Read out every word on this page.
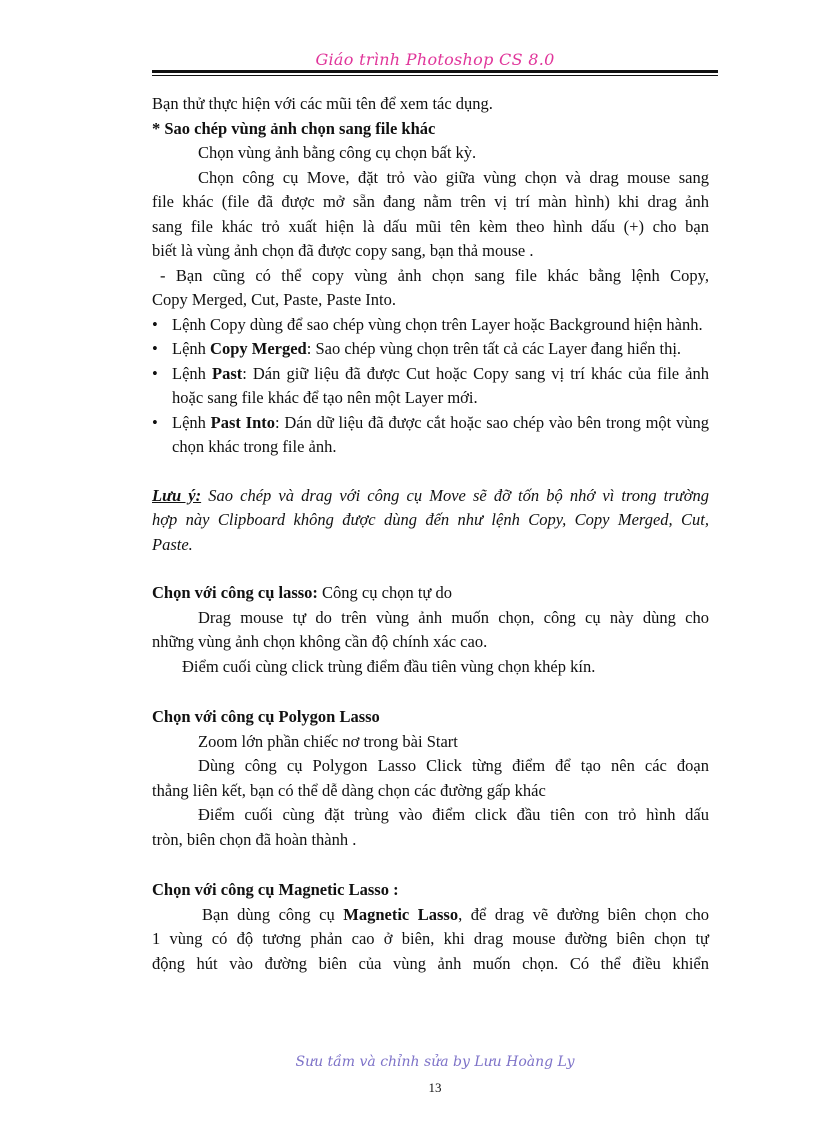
Giáo trình Photoshop CS 8.0

Bạn thử thực hiện với các mũi tên để xem tác dụng.

* Sao chép vùng ảnh chọn sang file khác

Chọn vùng ảnh bằng công cụ chọn bất kỳ.

Chọn công cụ Move, đặt trỏ vào giữa vùng chọn và drag mouse sang

file khác (file đã được mở sẵn đang nằm trên vị trí màn hình) khi drag ảnh

sang file khác trỏ xuất hiện là dấu mũi tên kèm theo hình dấu (+) cho bạn

biết là vùng ảnh chọn đã được copy sang, bạn thả mouse .

- Bạn cũng có thể copy vùng ảnh chọn sang file khác bằng lệnh Copy,

Copy Merged, Cut, Paste, Paste Into.

• Lệnh Copy dùng để sao chép vùng chọn trên Layer hoặc Background hiện hành.
• Lệnh Copy Merged: Sao chép vùng chọn trên tất cả các Layer đang hiển thị.
• Lệnh Past: Dán giữ liệu đã được Cut hoặc Copy sang vị trí khác của file ảnh hoặc sang file khác để tạo nên một Layer mới.
• Lệnh Past Into: Dán dữ liệu đã được cắt hoặc sao chép vào bên trong một vùng chọn khác trong file ảnh.

Lưu ý: Sao chép và drag với công cụ Move sẽ đỡ tốn bộ nhớ vì trong trường

hợp này Clipboard không được dùng đến như lệnh Copy, Copy Merged, Cut,

Paste.

Chọn với công cụ lasso: Công cụ chọn tự do

Drag mouse tự do trên vùng ảnh muốn chọn, công cụ này dùng cho

những vùng ảnh chọn không cần độ chính xác cao.

Điểm cuối cùng click trùng điểm đầu tiên vùng chọn khép kín.

Chọn với công cụ Polygon Lasso

Zoom lớn phần chiếc nơ trong bài Start

Dùng công cụ Polygon Lasso Click từng điểm để tạo nên các đoạn

thẳng liên kết, bạn có thể dễ dàng chọn các đường gấp khác

Điểm cuối cùng đặt trùng vào điểm click đầu tiên con trỏ hình dấu

tròn, biên chọn đã hoàn thành .

Chọn với công cụ Magnetic Lasso :

Bạn dùng công cụ Magnetic Lasso, để drag vẽ đường biên chọn cho

1 vùng có độ tương phản cao ở biên, khi drag mouse đường biên chọn tự

động hút vào đường biên của vùng ảnh muốn chọn. Có thể điều khiển

Sưu tầm và chỉnh sửa by Lưu Hoàng Ly
13
